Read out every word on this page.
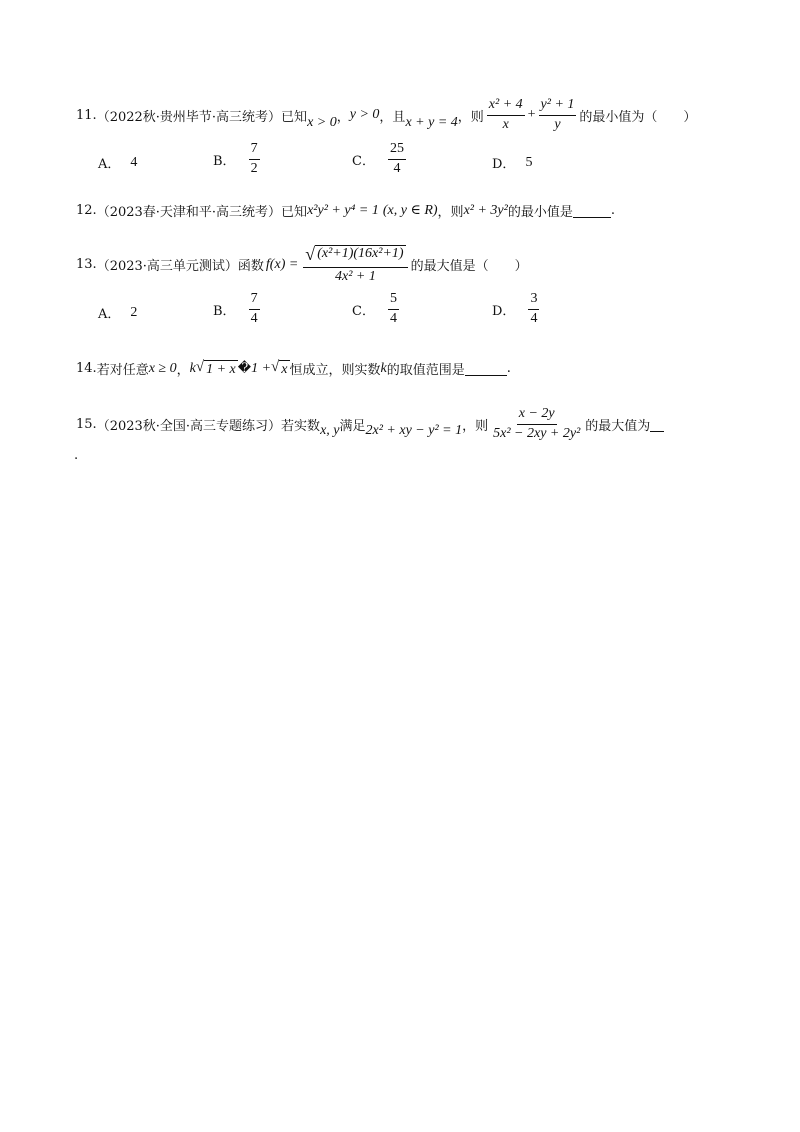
11. （2022秋·贵州毕节·高三统考） 已知 x > 0 ， y > 0 ，且 x + y = 4 ，则 $\frac{\text{x² + 4}}{x} + \frac{\text{y² + 1}}{y}$ 的最小值为（　　）
A． 4	B． $\frac{7}{2}$	C． $\frac{25}{4}$	D． 5
12. （2023春·天津和平·高三统考） 已知 x²y² + y⁴ = 1 (x, y ∈ R) ，则 x² + 3y² 的最小值是	.
13. （2023·高三单元测试） 函数 $f(x) = \frac{\text{√ (x²+1)(16x²+1)}}{\text{4x² + 1}}$ 的最大值是（　　）
A． 2	B． $\frac{7}{4}$	C． $\frac{5}{4}$	D． $\frac{3}{4}$
14. 若对任意 x ≥ 0 ， k √ 1 + x � 1 + √ x 恒成立，则实数 k 的取值范围是	.
15. （2023秋·全国·高三专题练习） 若实数 x, y 满足 2x² + xy − y² = 1 ，则 $\frac{x - 2y}{\text{5x² − 2xy + 2y²}}$ 的最大值为
.
